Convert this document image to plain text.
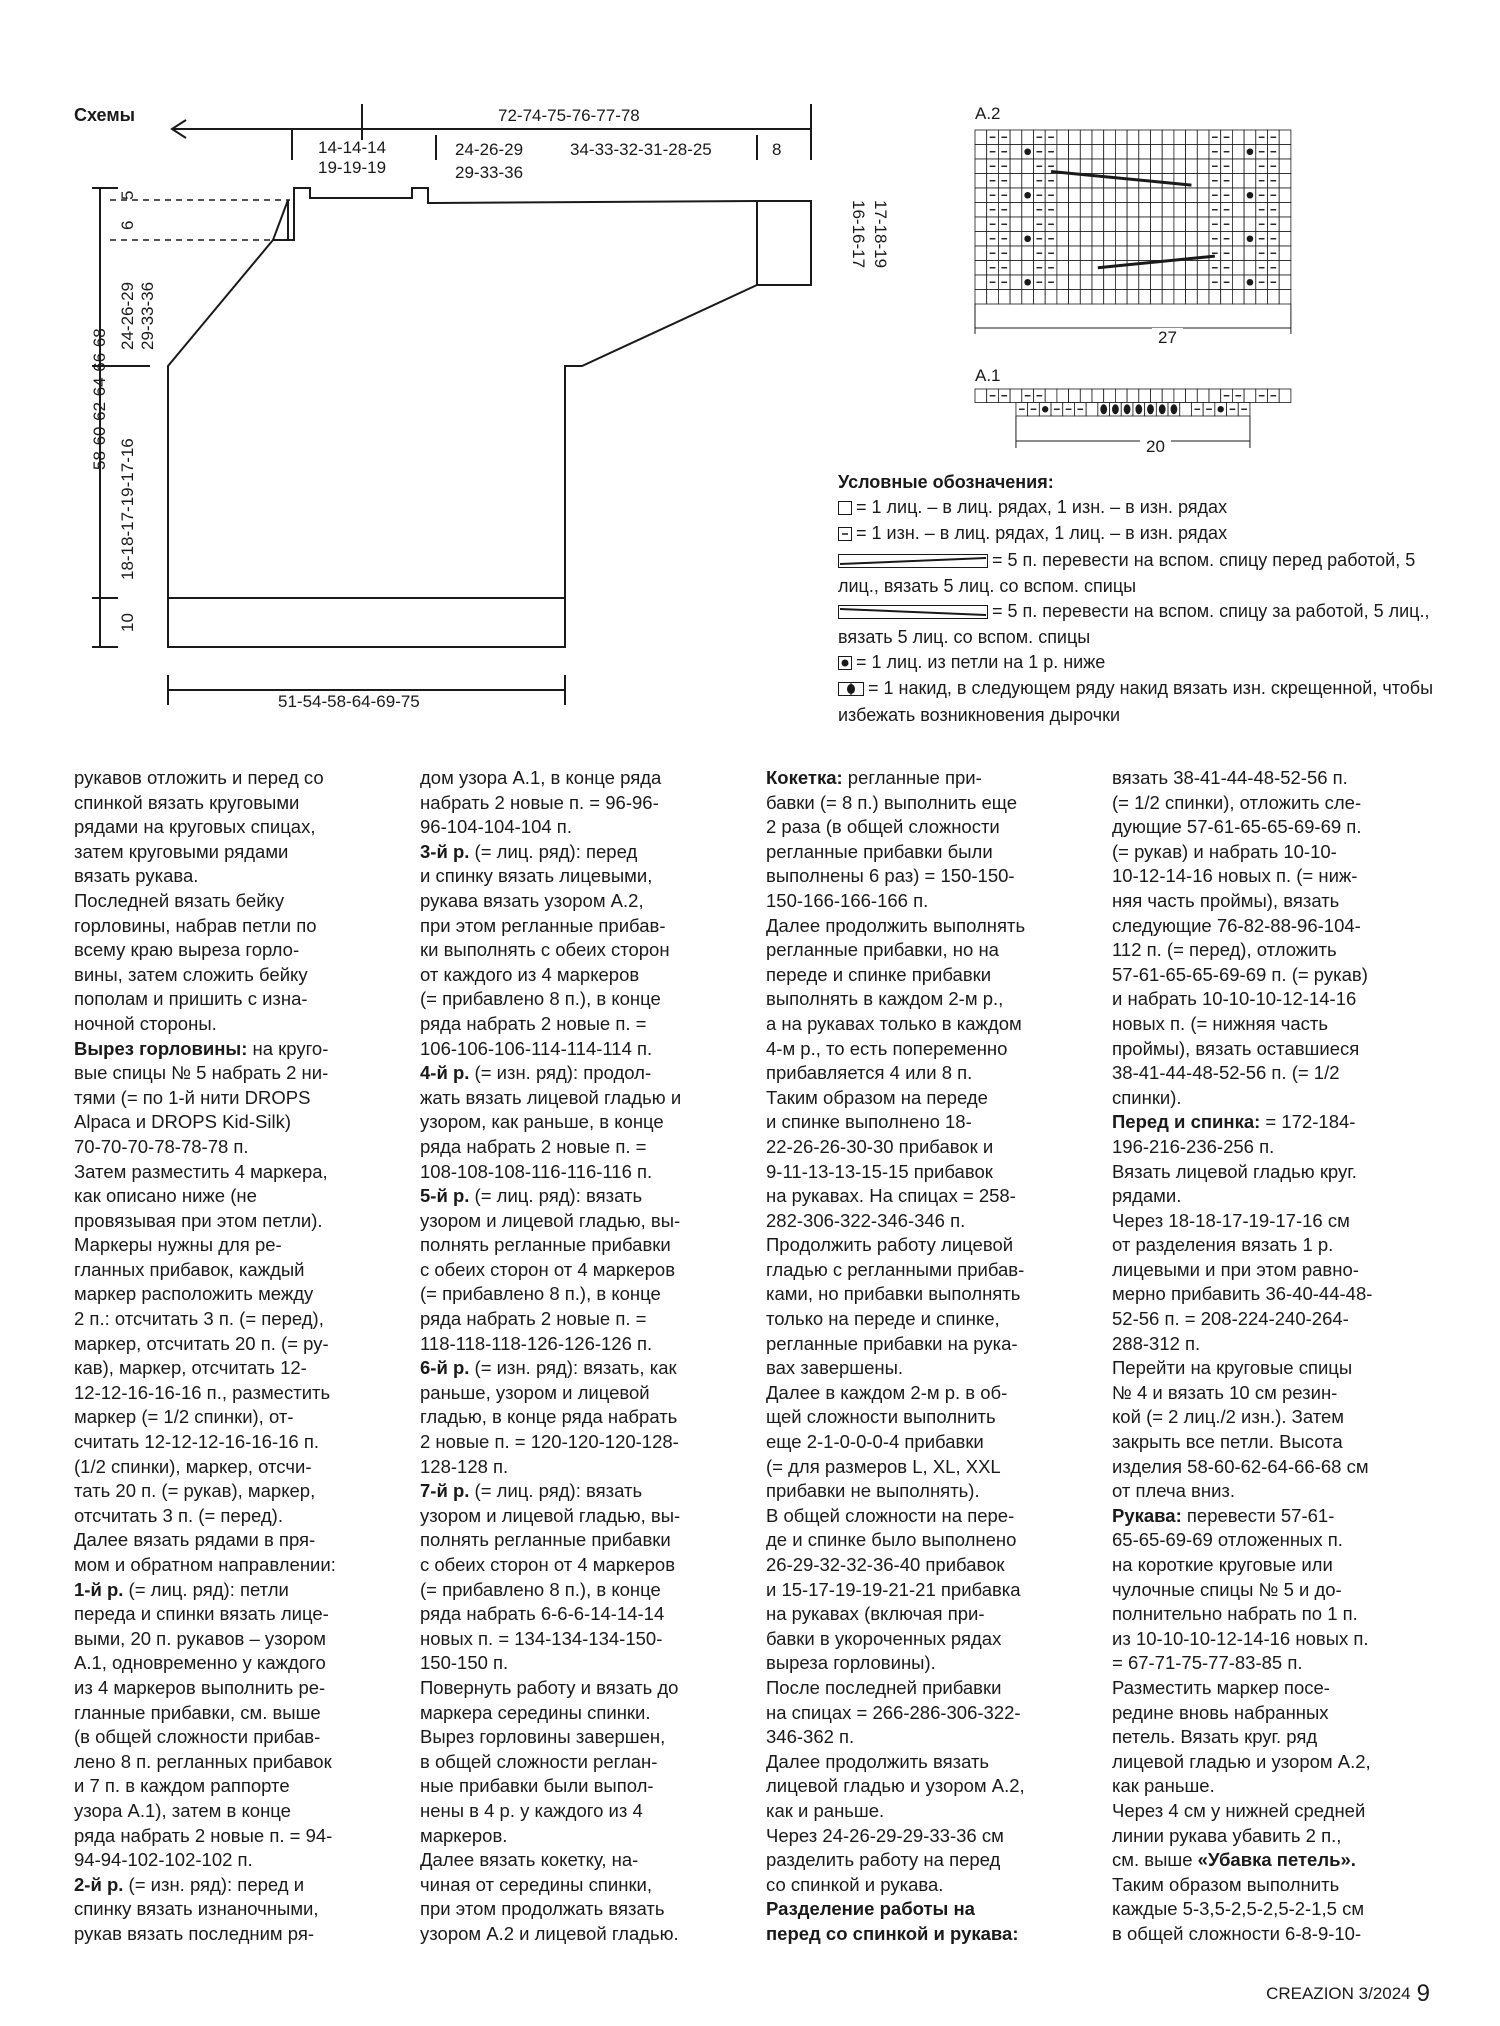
Схемы	72-74-75-76-77-78
14-14-14
19-19-19
24-26-29
29-33-36
34-33-32-31-28-25	8
5
6
24-26-29 29-33-36
58-60-62-64-66-68
18-18-17-19-17-16
10
16-16-17 17-18-19
51-54-58-64-69-75
A.2
27
A.1
20
Условные обозначения:
= 1 лиц. – в лиц. рядах, 1 изн. – в изн. рядах
= 1 изн. – в лиц. рядах, 1 лиц. – в изн. рядах
= 5 п. перевести на вспом. спицу перед работой, 5 лиц., вязать 5 лиц. со вспом. спицы
= 5 п. перевести на вспом. спицу за работой, 5 лиц., вязать 5 лиц. со вспом. спицы
= 1 лиц. из петли на 1 р. ниже
= 1 накид, в следующем ряду накид вязать изн. скрещенной, чтобы избежать возникновения дырочки
рукавов отложить и перед со
спинкой вязать круговыми
рядами на круговых спицах,
затем круговыми рядами
вязать рукава.
Последней вязать бейку
горловины, набрав петли по
всему краю выреза горло-
вины, затем сложить бейку
пополам и пришить с изна-
ночной стороны.
Вырез горловины: на круго-
вые спицы № 5 набрать 2 ни-
тями (= по 1-й нити DROPS
Alpaca и DROPS Kid-Silk)
70-70-70-78-78-78 п.
Затем разместить 4 маркера,
как описано ниже (не
провязывая при этом петли).
Маркеры нужны для ре-
гланных прибавок, каждый
маркер расположить между
2 п.: отсчитать 3 п. (= перед),
маркер, отсчитать 20 п. (= ру-
кав), маркер, отсчитать 12-
12-12-16-16-16 п., разместить
маркер (= 1/2 спинки), от-
считать 12-12-12-16-16-16 п.
(1/2 спинки), маркер, отсчи-
тать 20 п. (= рукав), маркер,
отсчитать 3 п. (= перед).
Далее вязать рядами в пря-
мом и обратном направлении:
1-й р. (= лиц. ряд): петли
переда и спинки вязать лице-
выми, 20 п. рукавов – узором
А.1, одновременно у каждого
из 4 маркеров выполнить ре-
гланные прибавки, см. выше
(в общей сложности прибав-
лено 8 п. регланных прибавок
и 7 п. в каждом раппорте
узора А.1), затем в конце
ряда набрать 2 новые п. = 94-
94-94-102-102-102 п.
2-й р. (= изн. ряд): перед и
спинку вязать изнаночными,
рукав вязать последним ря-
дом узора А.1, в конце ряда
набрать 2 новые п. = 96-96-
96-104-104-104 п.
3-й р. (= лиц. ряд): перед
и спинку вязать лицевыми,
рукава вязать узором А.2,
при этом регланные прибав-
ки выполнять с обеих сторон
от каждого из 4 маркеров
(= прибавлено 8 п.), в конце
ряда набрать 2 новые п. =
106-106-106-114-114-114 п.
4-й р. (= изн. ряд): продол-
жать вязать лицевой гладью и
узором, как раньше, в конце
ряда набрать 2 новые п. =
108-108-108-116-116-116 п.
5-й р. (= лиц. ряд): вязать
узором и лицевой гладью, вы-
полнять регланные прибавки
с обеих сторон от 4 маркеров
(= прибавлено 8 п.), в конце
ряда набрать 2 новые п. =
118-118-118-126-126-126 п.
6-й р. (= изн. ряд): вязать, как
раньше, узором и лицевой
гладью, в конце ряда набрать
2 новые п. = 120-120-120-128-
128-128 п.
7-й р. (= лиц. ряд): вязать
узором и лицевой гладью, вы-
полнять регланные прибавки
с обеих сторон от 4 маркеров
(= прибавлено 8 п.), в конце
ряда набрать 6-6-6-14-14-14
новых п. = 134-134-134-150-
150-150 п.
Повернуть работу и вязать до
маркера середины спинки.
Вырез горловины завершен,
в общей сложности реглан-
ные прибавки были выпол-
нены в 4 р. у каждого из 4
маркеров.
Далее вязать кокетку, на-
чиная от середины спинки,
при этом продолжать вязать
узором А.2 и лицевой гладью.
Кокетка: регланные при-
бавки (= 8 п.) выполнить еще
2 раза (в общей сложности
регланные прибавки были
выполнены 6 раз) = 150-150-
150-166-166-166 п.
Далее продолжить выполнять
регланные прибавки, но на
переде и спинке прибавки
выполнять в каждом 2-м р.,
а на рукавах только в каждом
4-м р., то есть попеременно
прибавляется 4 или 8 п.
Таким образом на переде
и спинке выполнено 18-
22-26-26-30-30 прибавок и
9-11-13-13-15-15 прибавок
на рукавах. На спицах = 258-
282-306-322-346-346 п.
Продолжить работу лицевой
гладью с регланными прибав-
ками, но прибавки выполнять
только на переде и спинке,
регланные прибавки на рука-
вах завершены.
Далее в каждом 2-м р. в об-
щей сложности выполнить
еще 2-1-0-0-0-4 прибавки
(= для размеров L, XL, XXL
прибавки не выполнять).
В общей сложности на пере-
де и спинке было выполнено
26-29-32-32-36-40 прибавок
и 15-17-19-19-21-21 прибавка
на рукавах (включая при-
бавки в укороченных рядах
выреза горловины).
После последней прибавки
на спицах = 266-286-306-322-
346-362 п.
Далее продолжить вязать
лицевой гладью и узором А.2,
как и раньше.
Через 24-26-29-29-33-36 см
разделить работу на перед
со спинкой и рукава.
Разделение работы на
перед со спинкой и рукава:
вязать 38-41-44-48-52-56 п.
(= 1/2 спинки), отложить сле-
дующие 57-61-65-65-69-69 п.
(= рукав) и набрать 10-10-
10-12-14-16 новых п. (= ниж-
няя часть проймы), вязать
следующие 76-82-88-96-104-
112 п. (= перед), отложить
57-61-65-65-69-69 п. (= рукав)
и набрать 10-10-10-12-14-16
новых п. (= нижняя часть
проймы), вязать оставшиеся
38-41-44-48-52-56 п. (= 1/2
спинки).
Перед и спинка: = 172-184-
196-216-236-256 п.
Вязать лицевой гладью круг.
рядами.
Через 18-18-17-19-17-16 см
от разделения вязать 1 р.
лицевыми и при этом равно-
мерно прибавить 36-40-44-48-
52-56 п. = 208-224-240-264-
288-312 п.
Перейти на круговые спицы
№ 4 и вязать 10 см резин-
кой (= 2 лиц./2 изн.). Затем
закрыть все петли. Высота
изделия 58-60-62-64-66-68 см
от плеча вниз.
Рукава: перевести 57-61-
65-65-69-69 отложенных п.
на короткие круговые или
чулочные спицы № 5 и до-
полнительно набрать по 1 п.
из 10-10-10-12-14-16 новых п.
= 67-71-75-77-83-85 п.
Разместить маркер посе-
редине вновь набранных
петель. Вязать круг. ряд
лицевой гладью и узором А.2,
как раньше.
Через 4 см у нижней средней
линии рукава убавить 2 п.,
см. выше «Убавка петель».
Таким образом выполнить
каждые 5-3,5-2,5-2,5-2-1,5 см
в общей сложности 6-8-9-10-
CREAZION 3/2024 9
